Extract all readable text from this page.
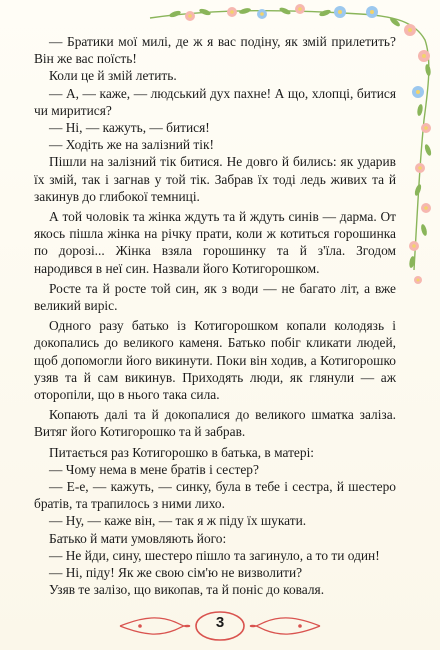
— Братики мої милі, де ж я вас подіну, як змій прилетить? Він же вас поїсть!

Коли це й змій летить.

— А, — каже, — людський дух пахне! А що, хлопці, битися чи миритися?

— Ні, — кажуть, — битися!

— Ходіть же на залізний тік!

Пішли на залізний тік битися. Не довго й бились: як ударив їх змій, так і загнав у той тік. Забрав їх тоді ледь живих та й закинув до глибокої темниці.

А той чоловік та жінка ждуть та й ждуть синів — дарма. От якось пішла жінка на річку прати, коли ж котиться горошинка по дорозі... Жінка взяла горошинку та й з'їла. Згодом народився в неї син. Назвали його Котигорошком.

Росте та й росте той син, як з води — не багато літ, а вже великий виріс.

Одного разу батько із Котигорошком копали колодязь і докопались до великого каменя. Батько побіг кликати людей, щоб допомогли його викинути. Поки він ходив, а Котигорошко узяв та й сам викинув. Приходять люди, як глянули — аж оторопіли, що в нього така сила.

Копають далі та й докопалися до великого шматка заліза. Витяг його Котигорошко та й забрав.

Питається раз Котигорошко в батька, в матері:

— Чому нема в мене братів і сестер?

— Е-е, — кажуть, — синку, була в тебе і сестра, й шестеро братів, та трапилось з ними лихо.

— Ну, — каже він, — так я ж піду їх шукати.

Батько й мати умовляють його:

— Не йди, сину, шестеро пішло та загинуло, а то ти один!

— Ні, піду! Як же свою сім'ю не визволити?

Узяв те залізо, що викопав, та й поніс до коваля.

3
